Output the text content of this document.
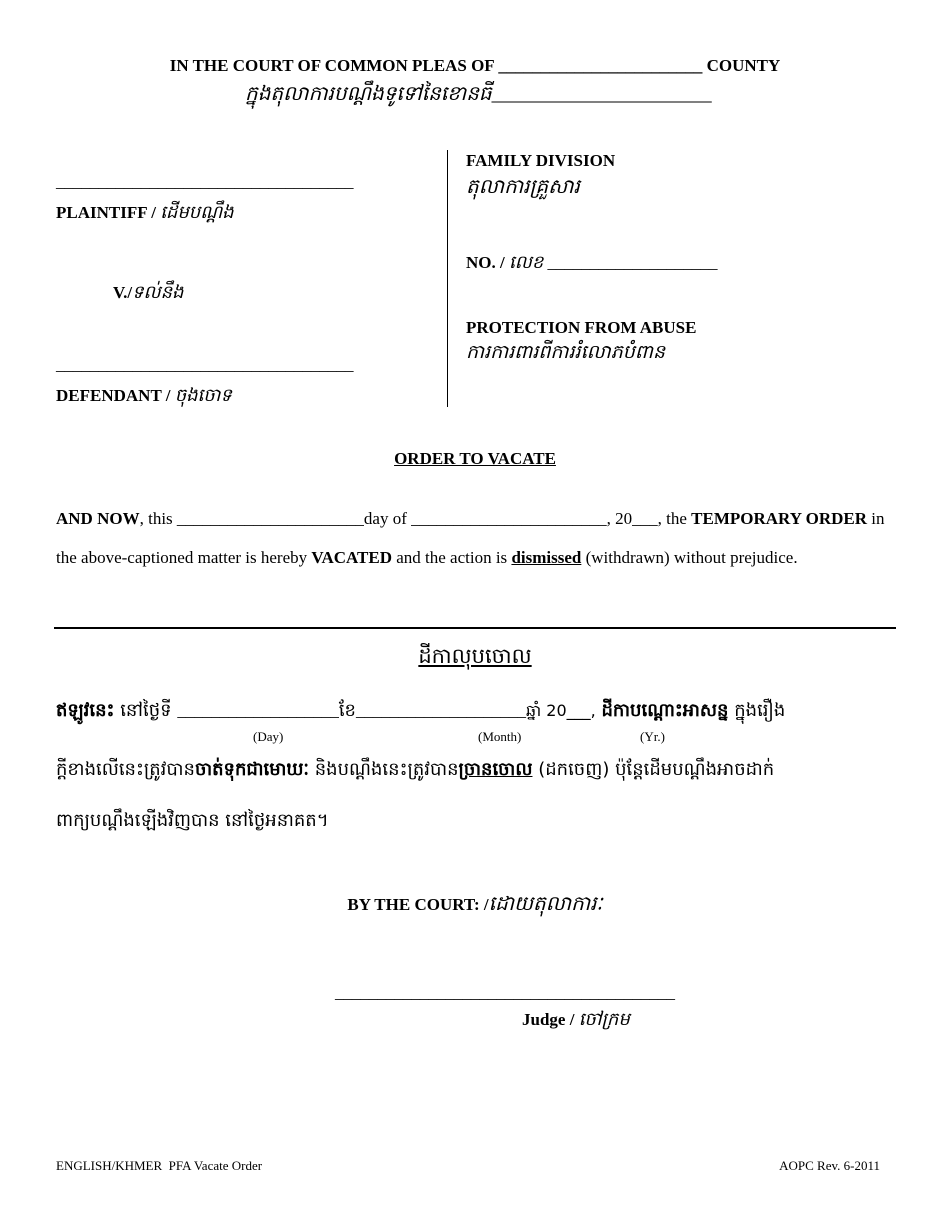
IN THE COURT OF COMMON PLEAS OF ________________________ COUNTY
ក្នុងតុលាការបណ្តឹងទូទៅនៃខោនធី______________________
___________________________________
PLAINTIFF / ដើមបណ្តឹង
V./ទល់នឹង
___________________________________
DEFENDANT / ចុងចោទ
FAMILY DIVISION
តុលាការគ្រួសារ
NO. / លេខ ____________________
PROTECTION FROM ABUSE
ការការពារពីការរំលោភបំពាន
ORDER TO VACATE
AND NOW, this ______________________day of _______________________, 20___, the TEMPORARY ORDER in
the above-captioned matter is hereby VACATED and the action is dismissed (withdrawn) without prejudice.
ដីកាលុបចោល
ឥឡូវនេះ នៅថ្ងៃទី ___________________ខែ____________________ឆ្នាំ 20___, ដីកាបណ្តោះអាសន្ន ក្នុងរឿង
(Day)	(Month)	(Yr.)
ក្តីខាងលើនេះត្រូវបានចាត់ទុកជាមោឃៈ និងបណ្តឹងនេះត្រូវបានច្រានចោល (ដកចេញ) ប៉ុន្តែដើមបណ្តឹងអាចដាក់
ពាក្យបណ្តឹងឡើងវិញបាន នៅថ្ងៃអនាគត។
BY THE COURT: /ដោយតុលាការៈ
________________________________________
Judge / ចៅក្រម
ENGLISH/KHMER  PFA Vacate Order	AOPC Rev. 6-2011
